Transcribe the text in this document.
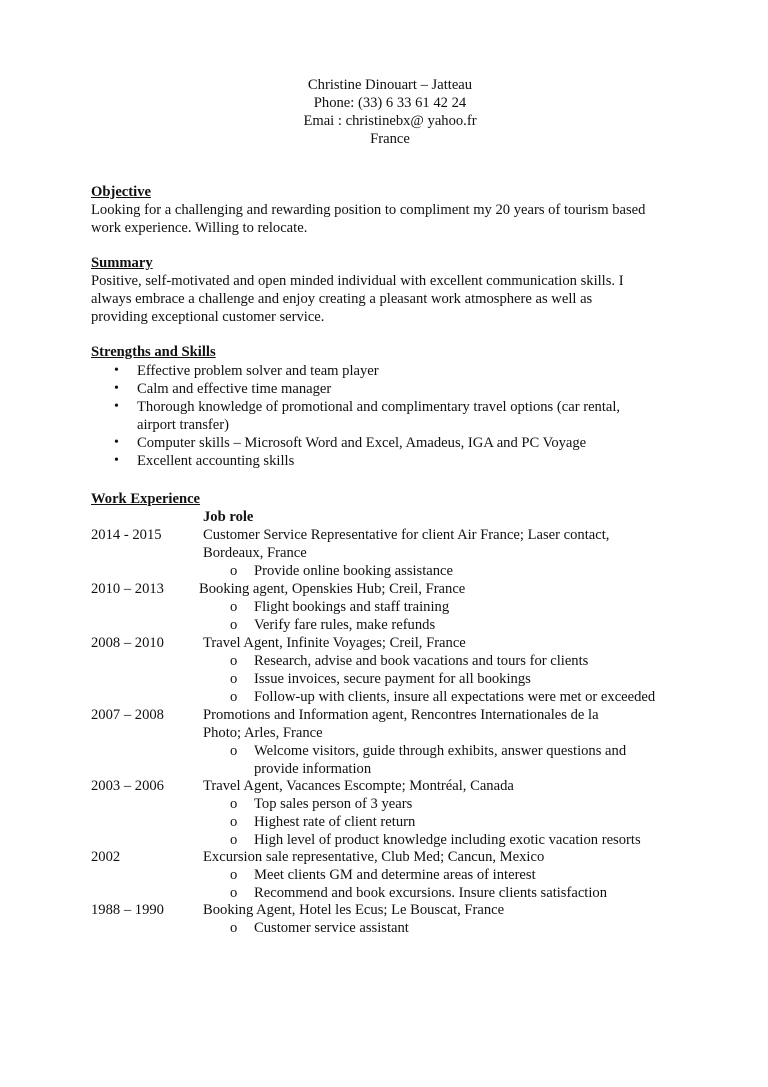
Christine Dinouart – Jatteau
Phone: (33) 6 33 61 42 24
Emai : christinebx@ yahoo.fr
France
Objective
Looking for a challenging and rewarding position to compliment my 20 years of tourism based
work experience. Willing to relocate.
Summary
Positive, self-motivated and open minded individual with excellent communication skills. I
always embrace a challenge and enjoy creating a pleasant work atmosphere as well as
providing exceptional customer service.
Strengths and Skills
• Effective problem solver and team player
• Calm and effective time manager
• Thorough knowledge of promotional and complimentary travel options (car rental,
airport transfer)
• Computer skills – Microsoft Word and Excel, Amadeus, IGA and PC Voyage
• Excellent accounting skills
Work Experience
Job role
2014 - 2015	Customer Service Representative for client Air France; Laser contact,
Bordeaux, France
o Provide online booking assistance
2010 – 2013 Booking agent, Openskies Hub; Creil, France
o Flight bookings and staff training
o Verify fare rules, make refunds
2008 – 2010	Travel Agent, Infinite Voyages; Creil, France
o Research, advise and book vacations and tours for clients
o Issue invoices, secure payment for all bookings
o Follow-up with clients, insure all expectations were met or exceeded
2007 – 2008	Promotions and Information agent, Rencontres Internationales de la
Photo; Arles, France
o Welcome visitors, guide through exhibits, answer questions and
provide information
2003 – 2006	Travel Agent, Vacances Escompte; Montréal, Canada
o Top sales person of 3 years
o Highest rate of client return
o High level of product knowledge including exotic vacation resorts
2002	Excursion sale representative, Club Med; Cancun, Mexico
o Meet clients GM and determine areas of interest
o Recommend and book excursions. Insure clients satisfaction
1988 – 1990	Booking Agent, Hotel les Ecus; Le Bouscat, France
o Customer service assistant
